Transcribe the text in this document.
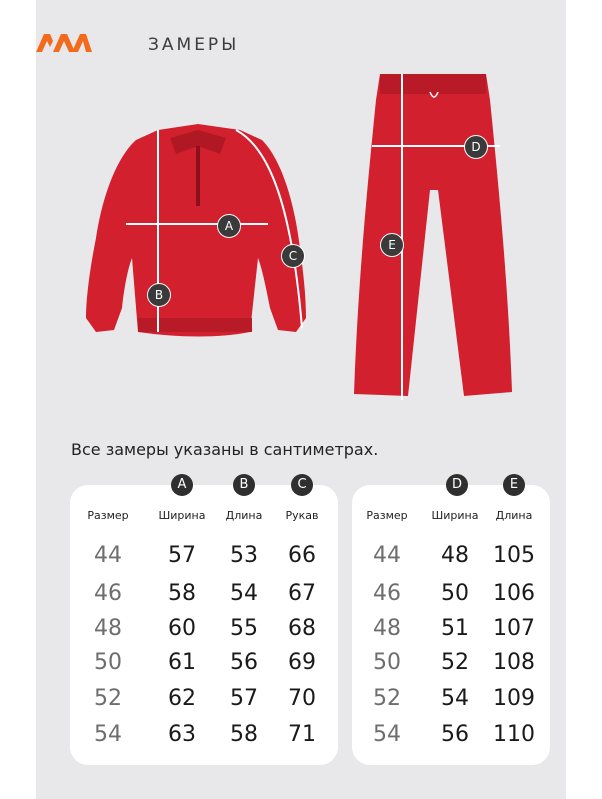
ЗАМЕРЫ
A
B
C
D
E
Все замеры указаны в сантиметрах.
A	B	C
Размер	Ширина	Длина	Рукав
44	57	53	66
46	58	54	67
48	60	55	68
50	61	56	69
52	62	57	70
54	63	58	71
D	E
Размер	Ширина	Длина
44	48	105
46	50	106
48	51	107
50	52	108
52	54	109
54	56	110
